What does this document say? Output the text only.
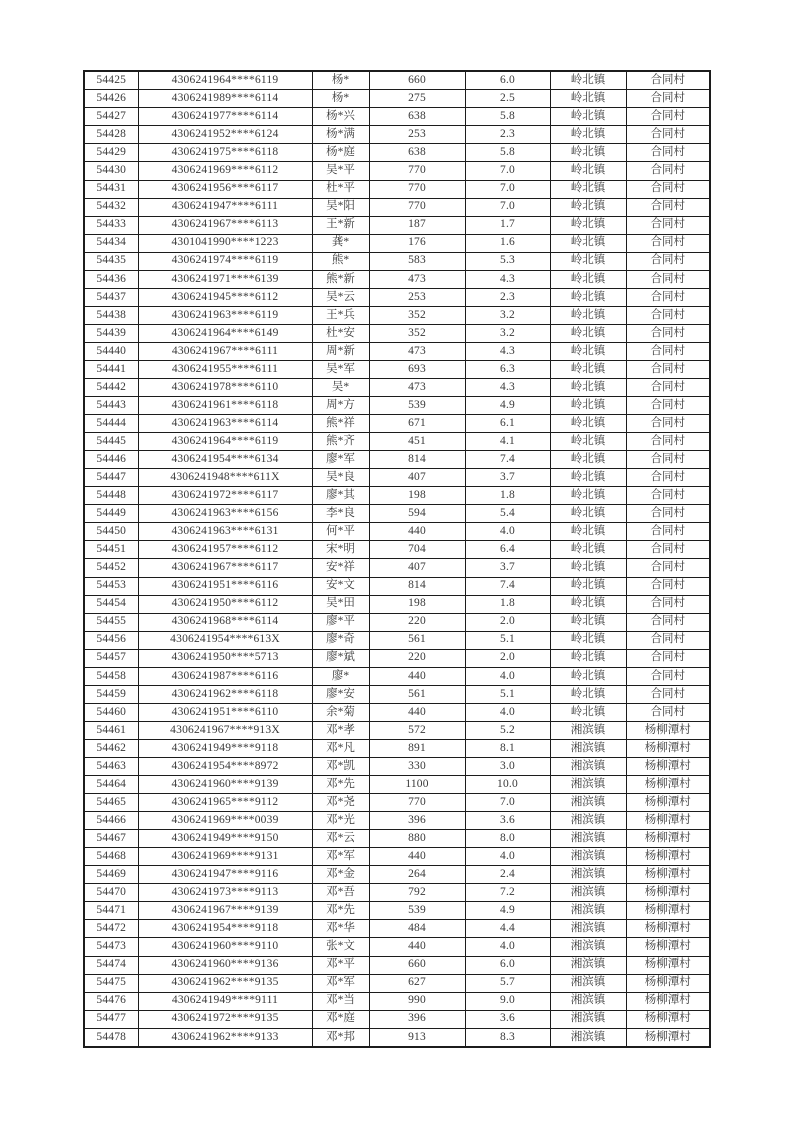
54425	4306241964****6119	杨*	660	6.0	岭北镇	合同村
54426	4306241989****6114	杨*	275	2.5	岭北镇	合同村
54427	4306241977****6114	杨*兴	638	5.8	岭北镇	合同村
54428	4306241952****6124	杨*满	253	2.3	岭北镇	合同村
54429	4306241975****6118	杨*庭	638	5.8	岭北镇	合同村
54430	4306241969****6112	吴*平	770	7.0	岭北镇	合同村
54431	4306241956****6117	杜*平	770	7.0	岭北镇	合同村
54432	4306241947****6111	吴*阳	770	7.0	岭北镇	合同村
54433	4306241967****6113	王*新	187	1.7	岭北镇	合同村
54434	4301041990****1223	龚*	176	1.6	岭北镇	合同村
54435	4306241974****6119	熊*	583	5.3	岭北镇	合同村
54436	4306241971****6139	熊*新	473	4.3	岭北镇	合同村
54437	4306241945****6112	吴*云	253	2.3	岭北镇	合同村
54438	4306241963****6119	王*兵	352	3.2	岭北镇	合同村
54439	4306241964****6149	杜*安	352	3.2	岭北镇	合同村
54440	4306241967****6111	周*新	473	4.3	岭北镇	合同村
54441	4306241955****6111	吴*军	693	6.3	岭北镇	合同村
54442	4306241978****6110	吴*	473	4.3	岭北镇	合同村
54443	4306241961****6118	周*方	539	4.9	岭北镇	合同村
54444	4306241963****6114	熊*祥	671	6.1	岭北镇	合同村
54445	4306241964****6119	熊*齐	451	4.1	岭北镇	合同村
54446	4306241954****6134	廖*军	814	7.4	岭北镇	合同村
54447	4306241948****611X	吴*良	407	3.7	岭北镇	合同村
54448	4306241972****6117	廖*其	198	1.8	岭北镇	合同村
54449	4306241963****6156	李*良	594	5.4	岭北镇	合同村
54450	4306241963****6131	何*平	440	4.0	岭北镇	合同村
54451	4306241957****6112	宋*明	704	6.4	岭北镇	合同村
54452	4306241967****6117	安*祥	407	3.7	岭北镇	合同村
54453	4306241951****6116	安*文	814	7.4	岭北镇	合同村
54454	4306241950****6112	吴*田	198	1.8	岭北镇	合同村
54455	4306241968****6114	廖*平	220	2.0	岭北镇	合同村
54456	4306241954****613X	廖*奇	561	5.1	岭北镇	合同村
54457	4306241950****5713	廖*斌	220	2.0	岭北镇	合同村
54458	4306241987****6116	廖*	440	4.0	岭北镇	合同村
54459	4306241962****6118	廖*安	561	5.1	岭北镇	合同村
54460	4306241951****6110	余*菊	440	4.0	岭北镇	合同村
54461	4306241967****913X	邓*孝	572	5.2	湘滨镇	杨柳潭村
54462	4306241949****9118	邓*凡	891	8.1	湘滨镇	杨柳潭村
54463	4306241954****8972	邓*凯	330	3.0	湘滨镇	杨柳潭村
54464	4306241960****9139	邓*先	1100	10.0	湘滨镇	杨柳潭村
54465	4306241965****9112	邓*尧	770	7.0	湘滨镇	杨柳潭村
54466	4306241969****0039	邓*光	396	3.6	湘滨镇	杨柳潭村
54467	4306241949****9150	邓*云	880	8.0	湘滨镇	杨柳潭村
54468	4306241969****9131	邓*军	440	4.0	湘滨镇	杨柳潭村
54469	4306241947****9116	邓*金	264	2.4	湘滨镇	杨柳潭村
54470	4306241973****9113	邓*吾	792	7.2	湘滨镇	杨柳潭村
54471	4306241967****9139	邓*先	539	4.9	湘滨镇	杨柳潭村
54472	4306241954****9118	邓*华	484	4.4	湘滨镇	杨柳潭村
54473	4306241960****9110	张*文	440	4.0	湘滨镇	杨柳潭村
54474	4306241960****9136	邓*平	660	6.0	湘滨镇	杨柳潭村
54475	4306241962****9135	邓*军	627	5.7	湘滨镇	杨柳潭村
54476	4306241949****9111	邓*当	990	9.0	湘滨镇	杨柳潭村
54477	4306241972****9135	邓*庭	396	3.6	湘滨镇	杨柳潭村
54478	4306241962****9133	邓*邦	913	8.3	湘滨镇	杨柳潭村
